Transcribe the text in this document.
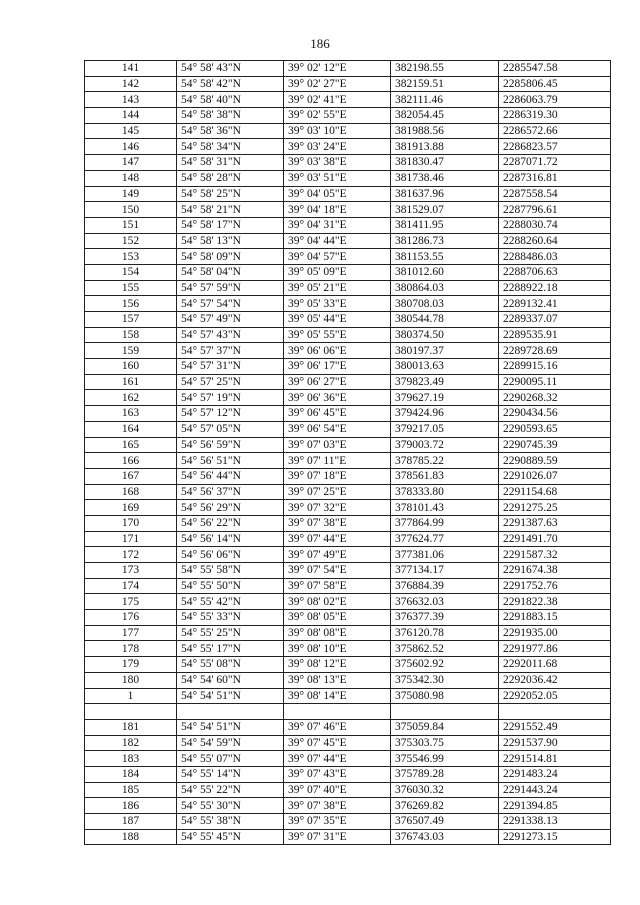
186
141	54° 58' 43"N	39° 02' 12"E	382198.55	2285547.58
142	54° 58' 42"N	39° 02' 27"E	382159.51	2285806.45
143	54° 58' 40"N	39° 02' 41"E	382111.46	2286063.79
144	54° 58' 38"N	39° 02' 55"E	382054.45	2286319.30
145	54° 58' 36"N	39° 03' 10"E	381988.56	2286572.66
146	54° 58' 34"N	39° 03' 24"E	381913.88	2286823.57
147	54° 58' 31"N	39° 03' 38"E	381830.47	2287071.72
148	54° 58' 28"N	39° 03' 51"E	381738.46	2287316.81
149	54° 58' 25"N	39° 04' 05"E	381637.96	2287558.54
150	54° 58' 21"N	39° 04' 18"E	381529.07	2287796.61
151	54° 58' 17"N	39° 04' 31"E	381411.95	2288030.74
152	54° 58' 13"N	39° 04' 44"E	381286.73	2288260.64
153	54° 58' 09"N	39° 04' 57"E	381153.55	2288486.03
154	54° 58' 04"N	39° 05' 09"E	381012.60	2288706.63
155	54° 57' 59"N	39° 05' 21"E	380864.03	2288922.18
156	54° 57' 54"N	39° 05' 33"E	380708.03	2289132.41
157	54° 57' 49"N	39° 05' 44"E	380544.78	2289337.07
158	54° 57' 43"N	39° 05' 55"E	380374.50	2289535.91
159	54° 57' 37"N	39° 06' 06"E	380197.37	2289728.69
160	54° 57' 31"N	39° 06' 17"E	380013.63	2289915.16
161	54° 57' 25"N	39° 06' 27"E	379823.49	2290095.11
162	54° 57' 19"N	39° 06' 36"E	379627.19	2290268.32
163	54° 57' 12"N	39° 06' 45"E	379424.96	2290434.56
164	54° 57' 05"N	39° 06' 54"E	379217.05	2290593.65
165	54° 56' 59"N	39° 07' 03"E	379003.72	2290745.39
166	54° 56' 51"N	39° 07' 11"E	378785.22	2290889.59
167	54° 56' 44"N	39° 07' 18"E	378561.83	2291026.07
168	54° 56' 37"N	39° 07' 25"E	378333.80	2291154.68
169	54° 56' 29"N	39° 07' 32"E	378101.43	2291275.25
170	54° 56' 22"N	39° 07' 38"E	377864.99	2291387.63
171	54° 56' 14"N	39° 07' 44"E	377624.77	2291491.70
172	54° 56' 06"N	39° 07' 49"E	377381.06	2291587.32
173	54° 55' 58"N	39° 07' 54"E	377134.17	2291674.38
174	54° 55' 50"N	39° 07' 58"E	376884.39	2291752.76
175	54° 55' 42"N	39° 08' 02"E	376632.03	2291822.38
176	54° 55' 33"N	39° 08' 05"E	376377.39	2291883.15
177	54° 55' 25"N	39° 08' 08"E	376120.78	2291935.00
178	54° 55' 17"N	39° 08' 10"E	375862.52	2291977.86
179	54° 55' 08"N	39° 08' 12"E	375602.92	2292011.68
180	54° 54' 60"N	39° 08' 13"E	375342.30	2292036.42
1	54° 54' 51"N	39° 08' 14"E	375080.98	2292052.05

181	54° 54' 51"N	39° 07' 46"E	375059.84	2291552.49
182	54° 54' 59"N	39° 07' 45"E	375303.75	2291537.90
183	54° 55' 07"N	39° 07' 44"E	375546.99	2291514.81
184	54° 55' 14"N	39° 07' 43"E	375789.28	2291483.24
185	54° 55' 22"N	39° 07' 40"E	376030.32	2291443.24
186	54° 55' 30"N	39° 07' 38"E	376269.82	2291394.85
187	54° 55' 38"N	39° 07' 35"E	376507.49	2291338.13
188	54° 55' 45"N	39° 07' 31"E	376743.03	2291273.15
